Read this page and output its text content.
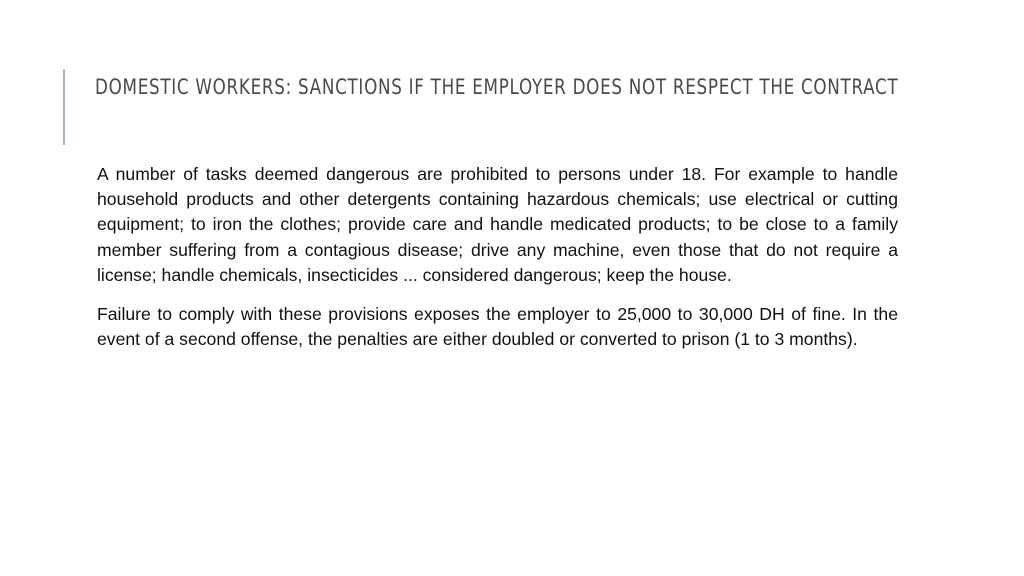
DOMESTIC WORKERS: SANCTIONS IF THE EMPLOYER DOES NOT RESPECT THE CONTRACT

A number of tasks deemed dangerous are prohibited to persons under 18. For example to handle household products and other detergents containing hazardous chemicals; use electrical or cutting equipment; to iron the clothes; provide care and handle medicated products; to be close to a family member suffering from a contagious disease; drive any machine, even those that do not require a license; handle chemicals, insecticides ... considered dangerous; keep the house.

Failure to comply with these provisions exposes the employer to 25,000 to 30,000 DH of fine. In the event of a second offense, the penalties are either doubled or converted to prison (1 to 3 months).
